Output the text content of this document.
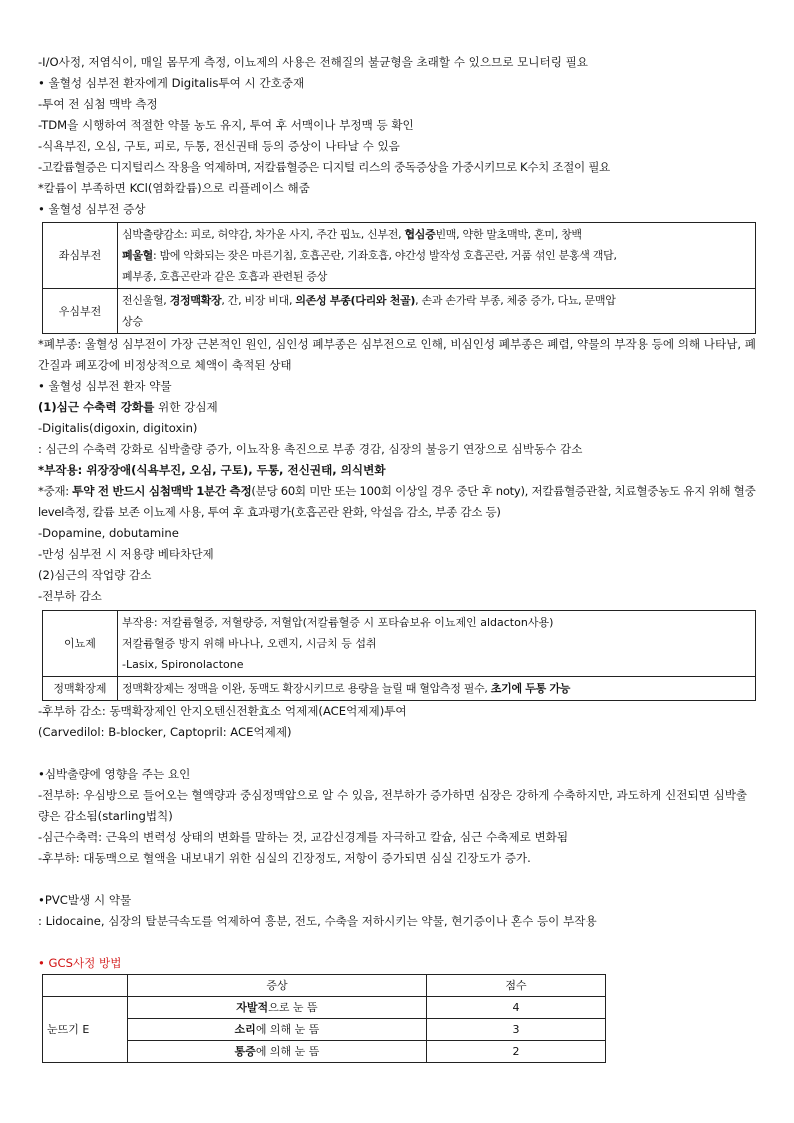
-I/O사정, 저염식이, 매일 몸무게 측정, 이뇨제의 사용은 전해질의 불균형을 초래할 수 있으므로 모니터링 필요
• 울혈성 심부전 환자에게 Digitalis투여 시 간호중재
-투여 전 심첨 맥박 측정
-TDM을 시행하여 적절한 약물 농도 유지, 투여 후 서맥이나 부정맥 등 확인
-식욕부진, 오심, 구토, 피로, 두통, 전신권태 등의 증상이 나타날 수 있음
-고칼륨혈증은 디지털리스 작용을 억제하며, 저칼륨혈증은 디지털 리스의 중독증상을 가중시키므로 K수치 조절이 필요
*칼륨이 부족하면 KCl(염화칼륨)으로 리플레이스 해줌
• 울혈성 심부전 증상
좌심부전	심박출량감소: 피로, 허약감, 차가운 사지, 주간 핍뇨, 신부전, 협심증빈맥, 약한 말초맥박, 혼미, 창백
폐울혈: 밤에 악화되는 잦은 마른기침, 호흡곤란, 기좌호흡, 야간성 발작성 호흡곤란, 거품 섞인 분홍색 객담,
폐부종, 호흡곤란과 같은 호흡과 관련된 증상

우심부전	전신울혈, 경정맥확장, 간, 비장 비대, 의존성 부종(다리와 천골), 손과 손가락 부종, 체중 증가, 다뇨, 문맥압
상승
*폐부종: 울혈성 심부전이 가장 근본적인 원인, 심인성 폐부종은 심부전으로 인해, 비심인성 폐부종은 폐렴, 약물의 부작용 등에 의해 나타남, 폐 간질과 폐포강에 비정상적으로 체액이 축적된 상태
• 울혈성 심부전 환자 약물
(1)심근 수축력 강화를 위한 강심제
-Digitalis(digoxin, digitoxin)
: 심근의 수축력 강화로 심박출량 증가, 이뇨작용 촉진으로 부종 경감, 심장의 불응기 연장으로 심박동수 감소
*부작용: 위장장애(식욕부진, 오심, 구토), 두통, 전신권태, 의식변화
*중재: 투약 전 반드시 심첨맥박 1분간 측정(분당 60회 미만 또는 100회 이상일 경우 중단 후 noty), 저칼륨혈증관찰, 치료혈중농도 유지 위해 혈중level측정, 칼륨 보존 이뇨제 사용, 투여 후 효과평가(호흡곤란 완화, 악설음 감소, 부종 감소 등)
-Dopamine, dobutamine
-만성 심부전 시 저용량 베타차단제
(2)심근의 작업량 감소
-전부하 감소
이뇨제	부작용: 저칼륨혈증, 저혈량증, 저혈압(저칼륨혈증 시 포타슘보유 이뇨제인 aldacton사용)
저칼륨혈증 방지 위해 바나나, 오렌지, 시금치 등 섭취
-Lasix, Spironolactone

정맥확장제	정맥확장제는 정맥을 이완, 동맥도 확장시키므로 용량을 늘릴 때 혈압측정 필수, 초기에 두통 가능
-후부하 감소: 동맥확장제인 안지오텐신전환효소 억제제(ACE억제제)투여
(Carvedilol: B-blocker, Captopril: ACE억제제)
•심박출량에 영향을 주는 요인
-전부하: 우심방으로 들어오는 혈액량과 중심정맥압으로 알 수 있음, 전부하가 증가하면 심장은 강하게 수축하지만, 과도하게 신전되면 심박출량은 감소됨(starling법칙)
-심근수축력: 근육의 변력성 상태의 변화를 말하는 것, 교감신경계를 자극하고 칼슘, 심근 수축제로 변화됨
-후부하: 대동맥으로 혈액을 내보내기 위한 심실의 긴장정도, 저항이 증가되면 심실 긴장도가 증가.
•PVC발생 시 약물
: Lidocaine, 심장의 탈분극속도를 억제하여 흥분, 전도, 수축을 저하시키는 약물, 현기증이나 혼수 등이 부작용
• GCS사정 방법
	증상	점수
눈뜨기 E	자발적으로 눈 뜸	4
	소리에 의해 눈 뜸	3
	통증에 의해 눈 뜸	2
